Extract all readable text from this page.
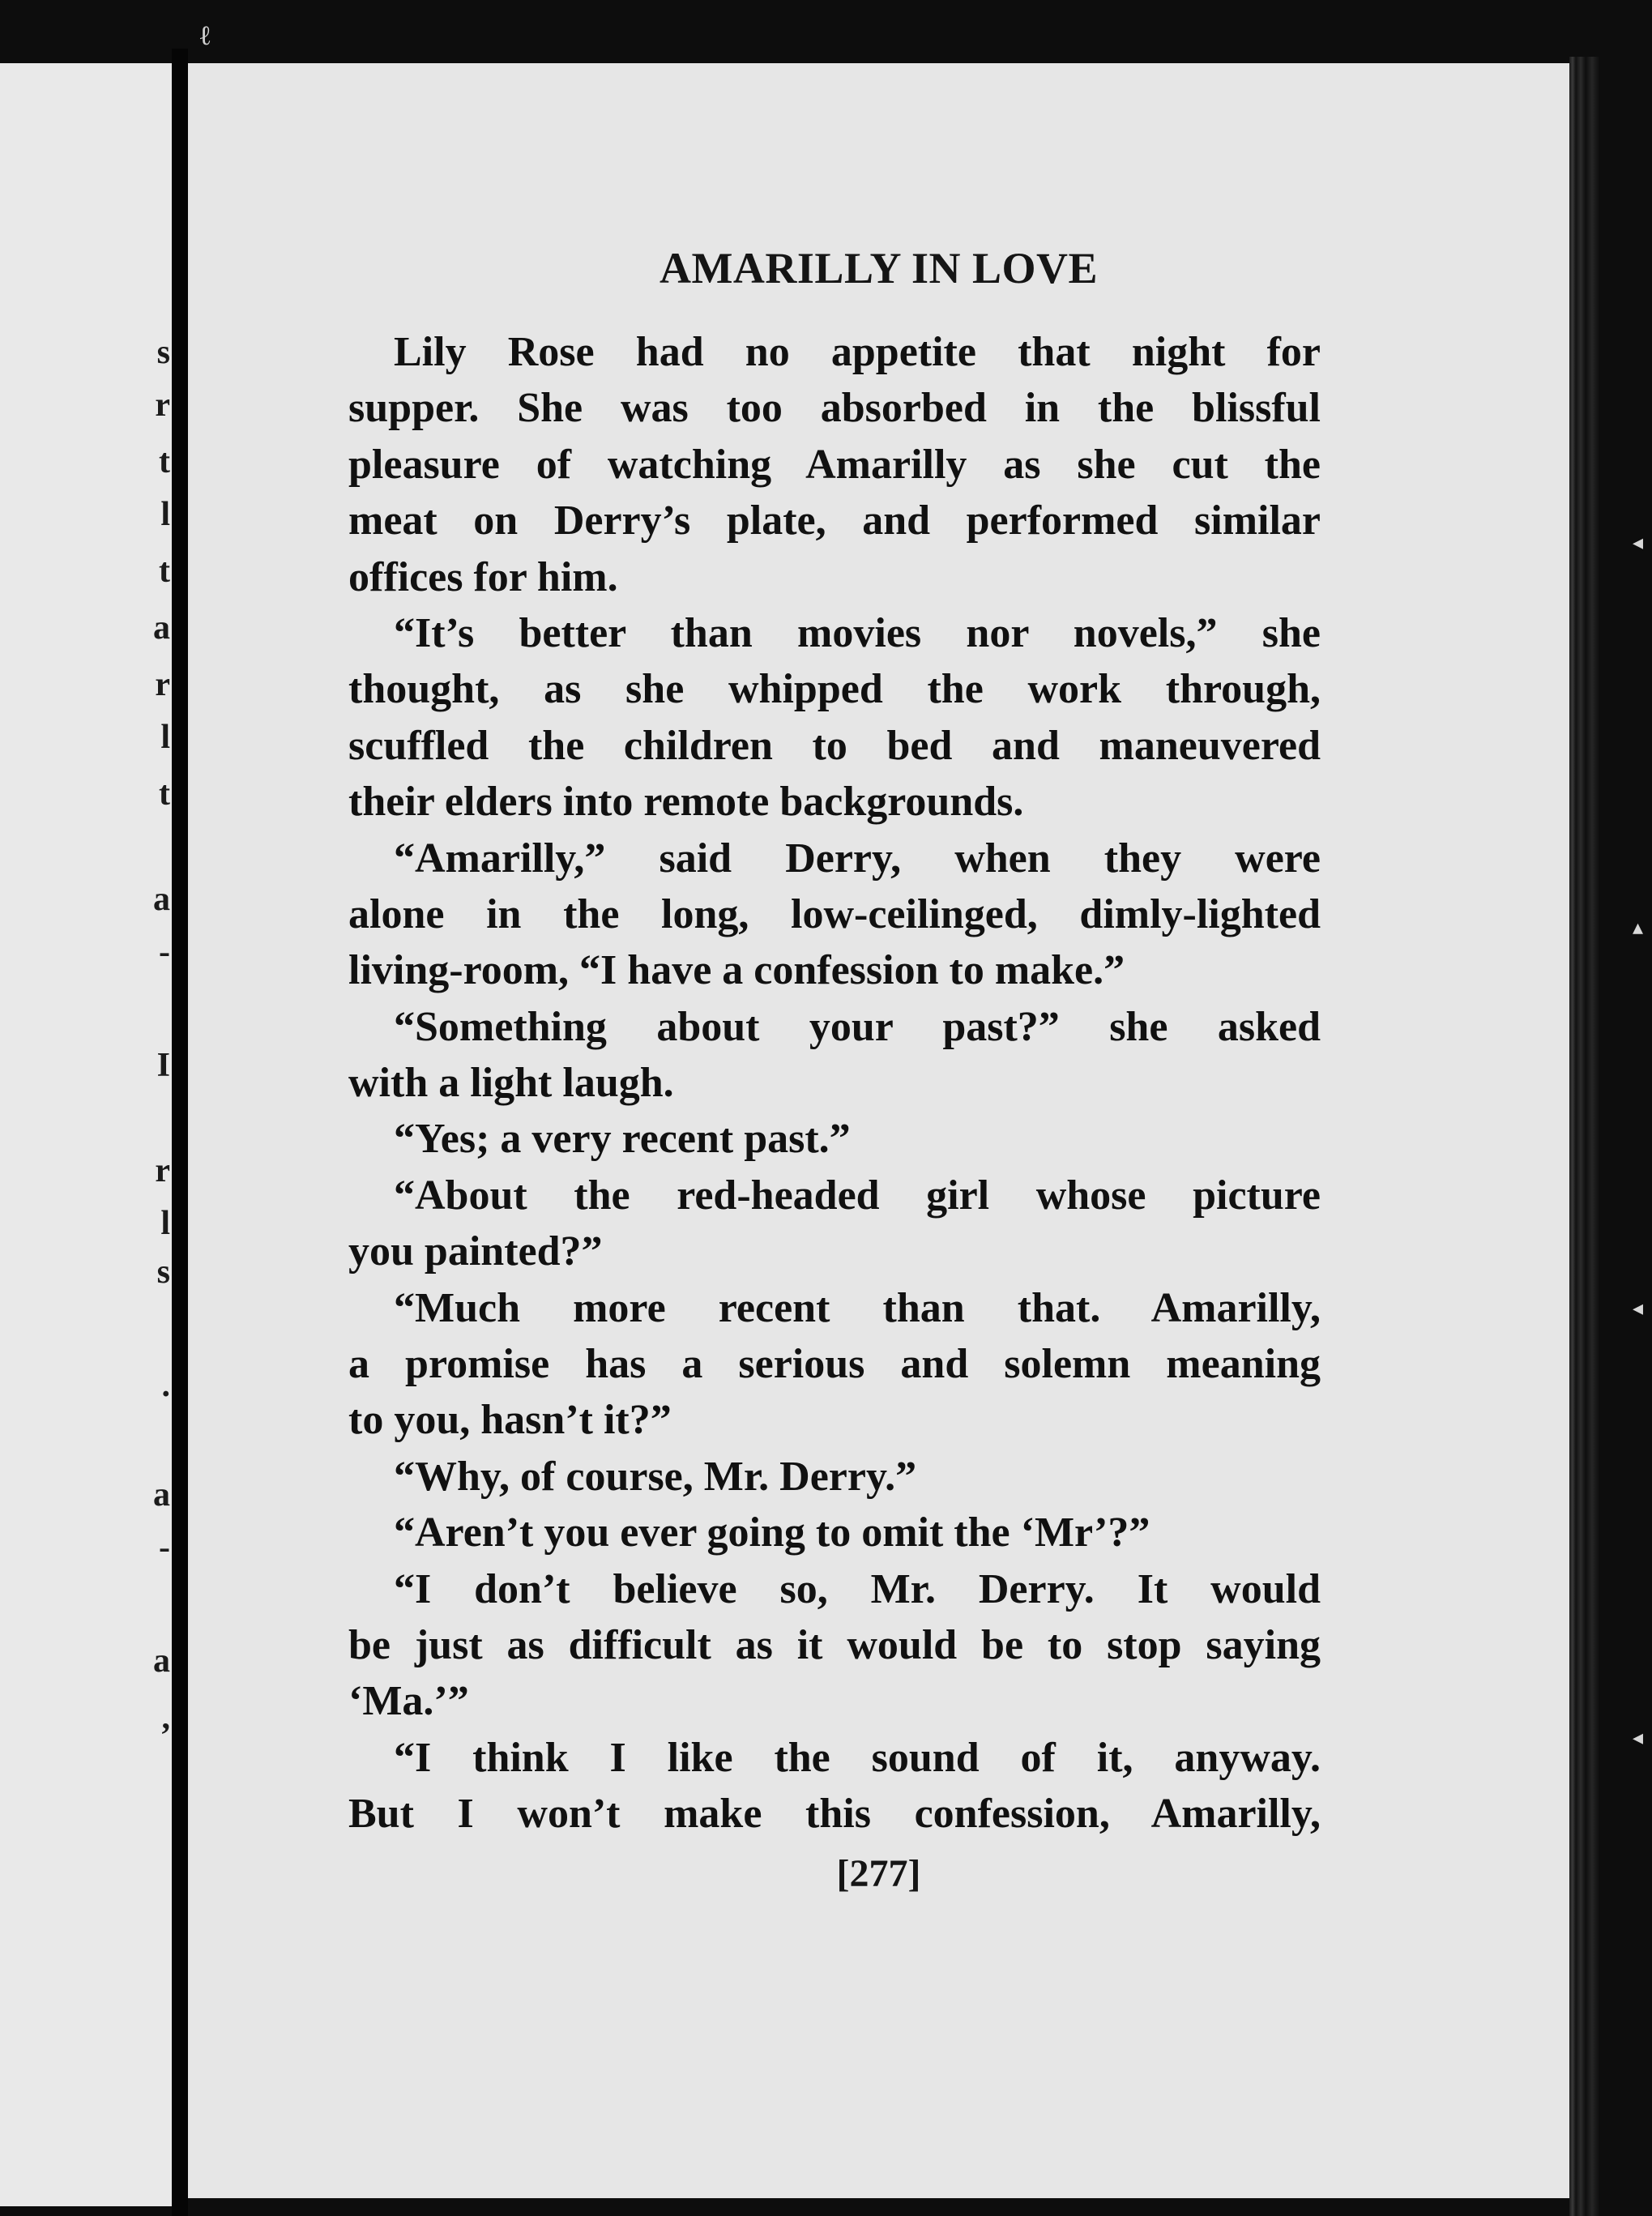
ℓ
s
r
t
l
t
a
r
l
t
a
-
I
r
l
s
.
a
-
a
,
AMARILLY IN LOVE
Lily Rose had no appetite that night for
supper. She was too absorbed in the blissful
pleasure of watching Amarilly as she cut the
meat on Derry’s plate, and performed similar
offices for him.
“It’s better than movies nor novels,” she
thought, as she whipped the work through,
scuffled the children to bed and maneuvered
their elders into remote backgrounds.
“Amarilly,” said Derry, when they were
alone in the long, low-ceilinged, dimly-lighted
living-room, “I have a confession to make.”
“Something about your past?” she asked
with a light laugh.
“Yes; a very recent past.”
“About the red-headed girl whose picture
you painted?”
“Much more recent than that. Amarilly,
a promise has a serious and solemn meaning
to you, hasn’t it?”
“Why, of course, Mr. Derry.”
“Aren’t you ever going to omit the ‘Mr’?”
“I don’t believe so, Mr. Derry. It would
be just as difficult as it would be to stop saying
‘Ma.’”
“I think I like the sound of it, anyway.
But I won’t make this confession, Amarilly,
[277]
◂
▴
◂
◂
